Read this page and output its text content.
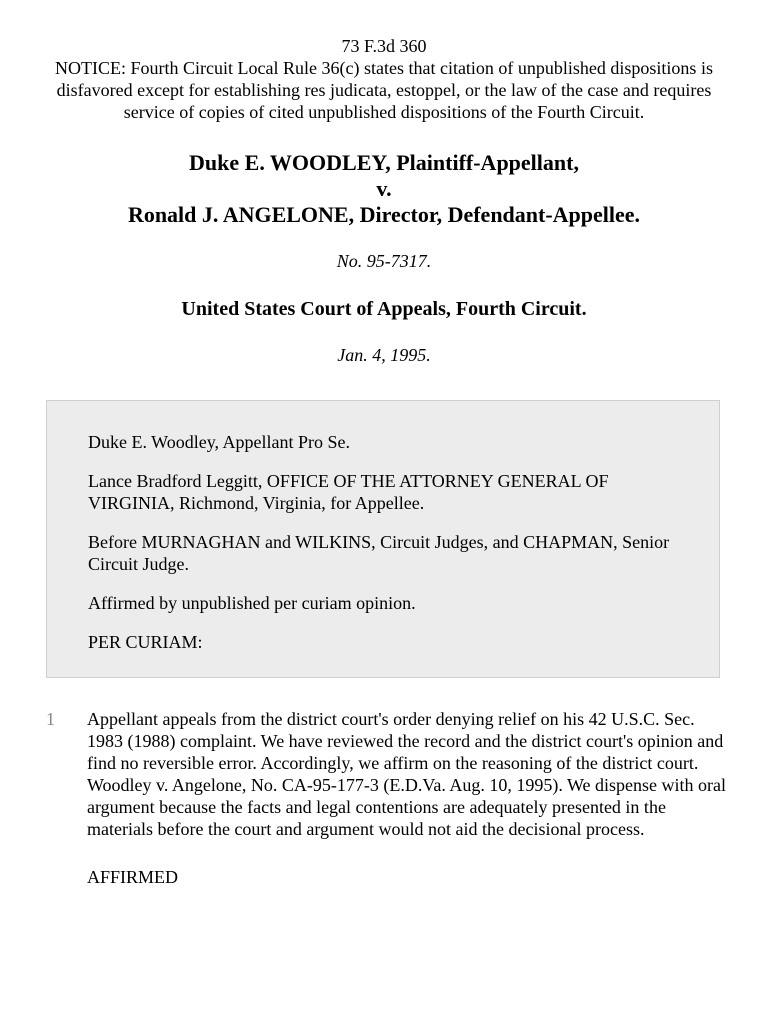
73 F.3d 360

NOTICE: Fourth Circuit Local Rule 36(c) states that citation of unpublished dispositions is disfavored except for establishing res judicata, estoppel, or the law of the case and requires service of copies of cited unpublished dispositions of the Fourth Circuit.

Duke E. WOODLEY, Plaintiff-Appellant,
v.
Ronald J. ANGELONE, Director, Defendant-Appellee.
No. 95-7317.
United States Court of Appeals, Fourth Circuit.
Jan. 4, 1995.

Duke E. Woodley, Appellant Pro Se.

Lance Bradford Leggitt, OFFICE OF THE ATTORNEY GENERAL OF VIRGINIA, Richmond, Virginia, for Appellee.

Before MURNAGHAN and WILKINS, Circuit Judges, and CHAPMAN, Senior Circuit Judge.

Affirmed by unpublished per curiam opinion.

PER CURIAM:

1 Appellant appeals from the district court's order denying relief on his 42 U.S.C. Sec. 1983 (1988) complaint. We have reviewed the record and the district court's opinion and find no reversible error. Accordingly, we affirm on the reasoning of the district court. Woodley v. Angelone, No. CA-95-177-3 (E.D.Va. Aug. 10, 1995). We dispense with oral argument because the facts and legal contentions are adequately presented in the materials before the court and argument would not aid the decisional process.

AFFIRMED
